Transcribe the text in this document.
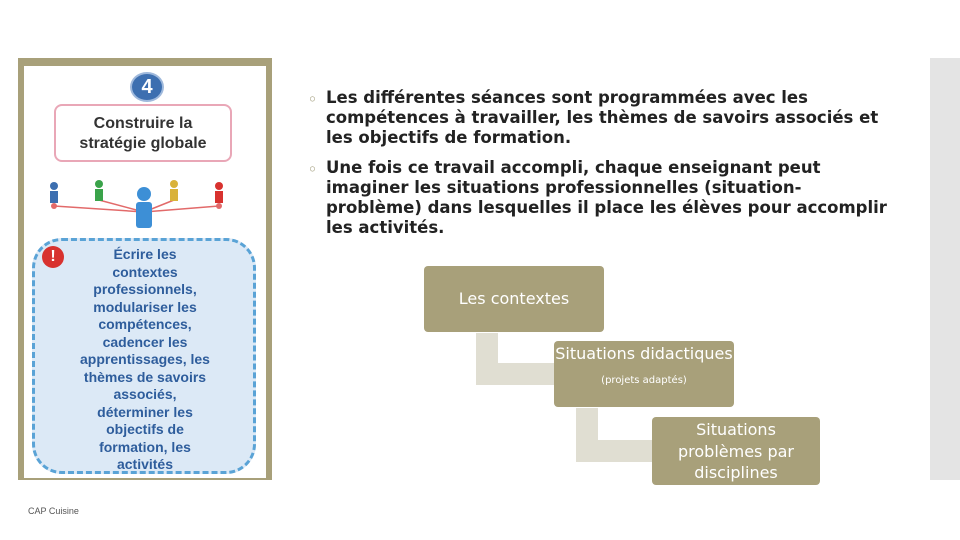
4
Construire la
stratégie globale
!	Écrire les
contextes
professionnels,
modulariser les
compétences,
cadencer les
apprentissages, les
thèmes de savoirs
associés,
déterminer les
objectifs de
formation, les
activités
◦ Les différentes séances sont programmées avec les compétences à travailler, les thèmes de savoirs associés et les objectifs de formation.
◦ Une fois ce travail accompli, chaque enseignant peut imaginer les situations professionnelles (situation-problème) dans lesquelles il place les élèves pour accomplir les activités.
Les contextes
Situations didactiques
(projets adaptés)
Situations problèmes par disciplines
CAP Cuisine
